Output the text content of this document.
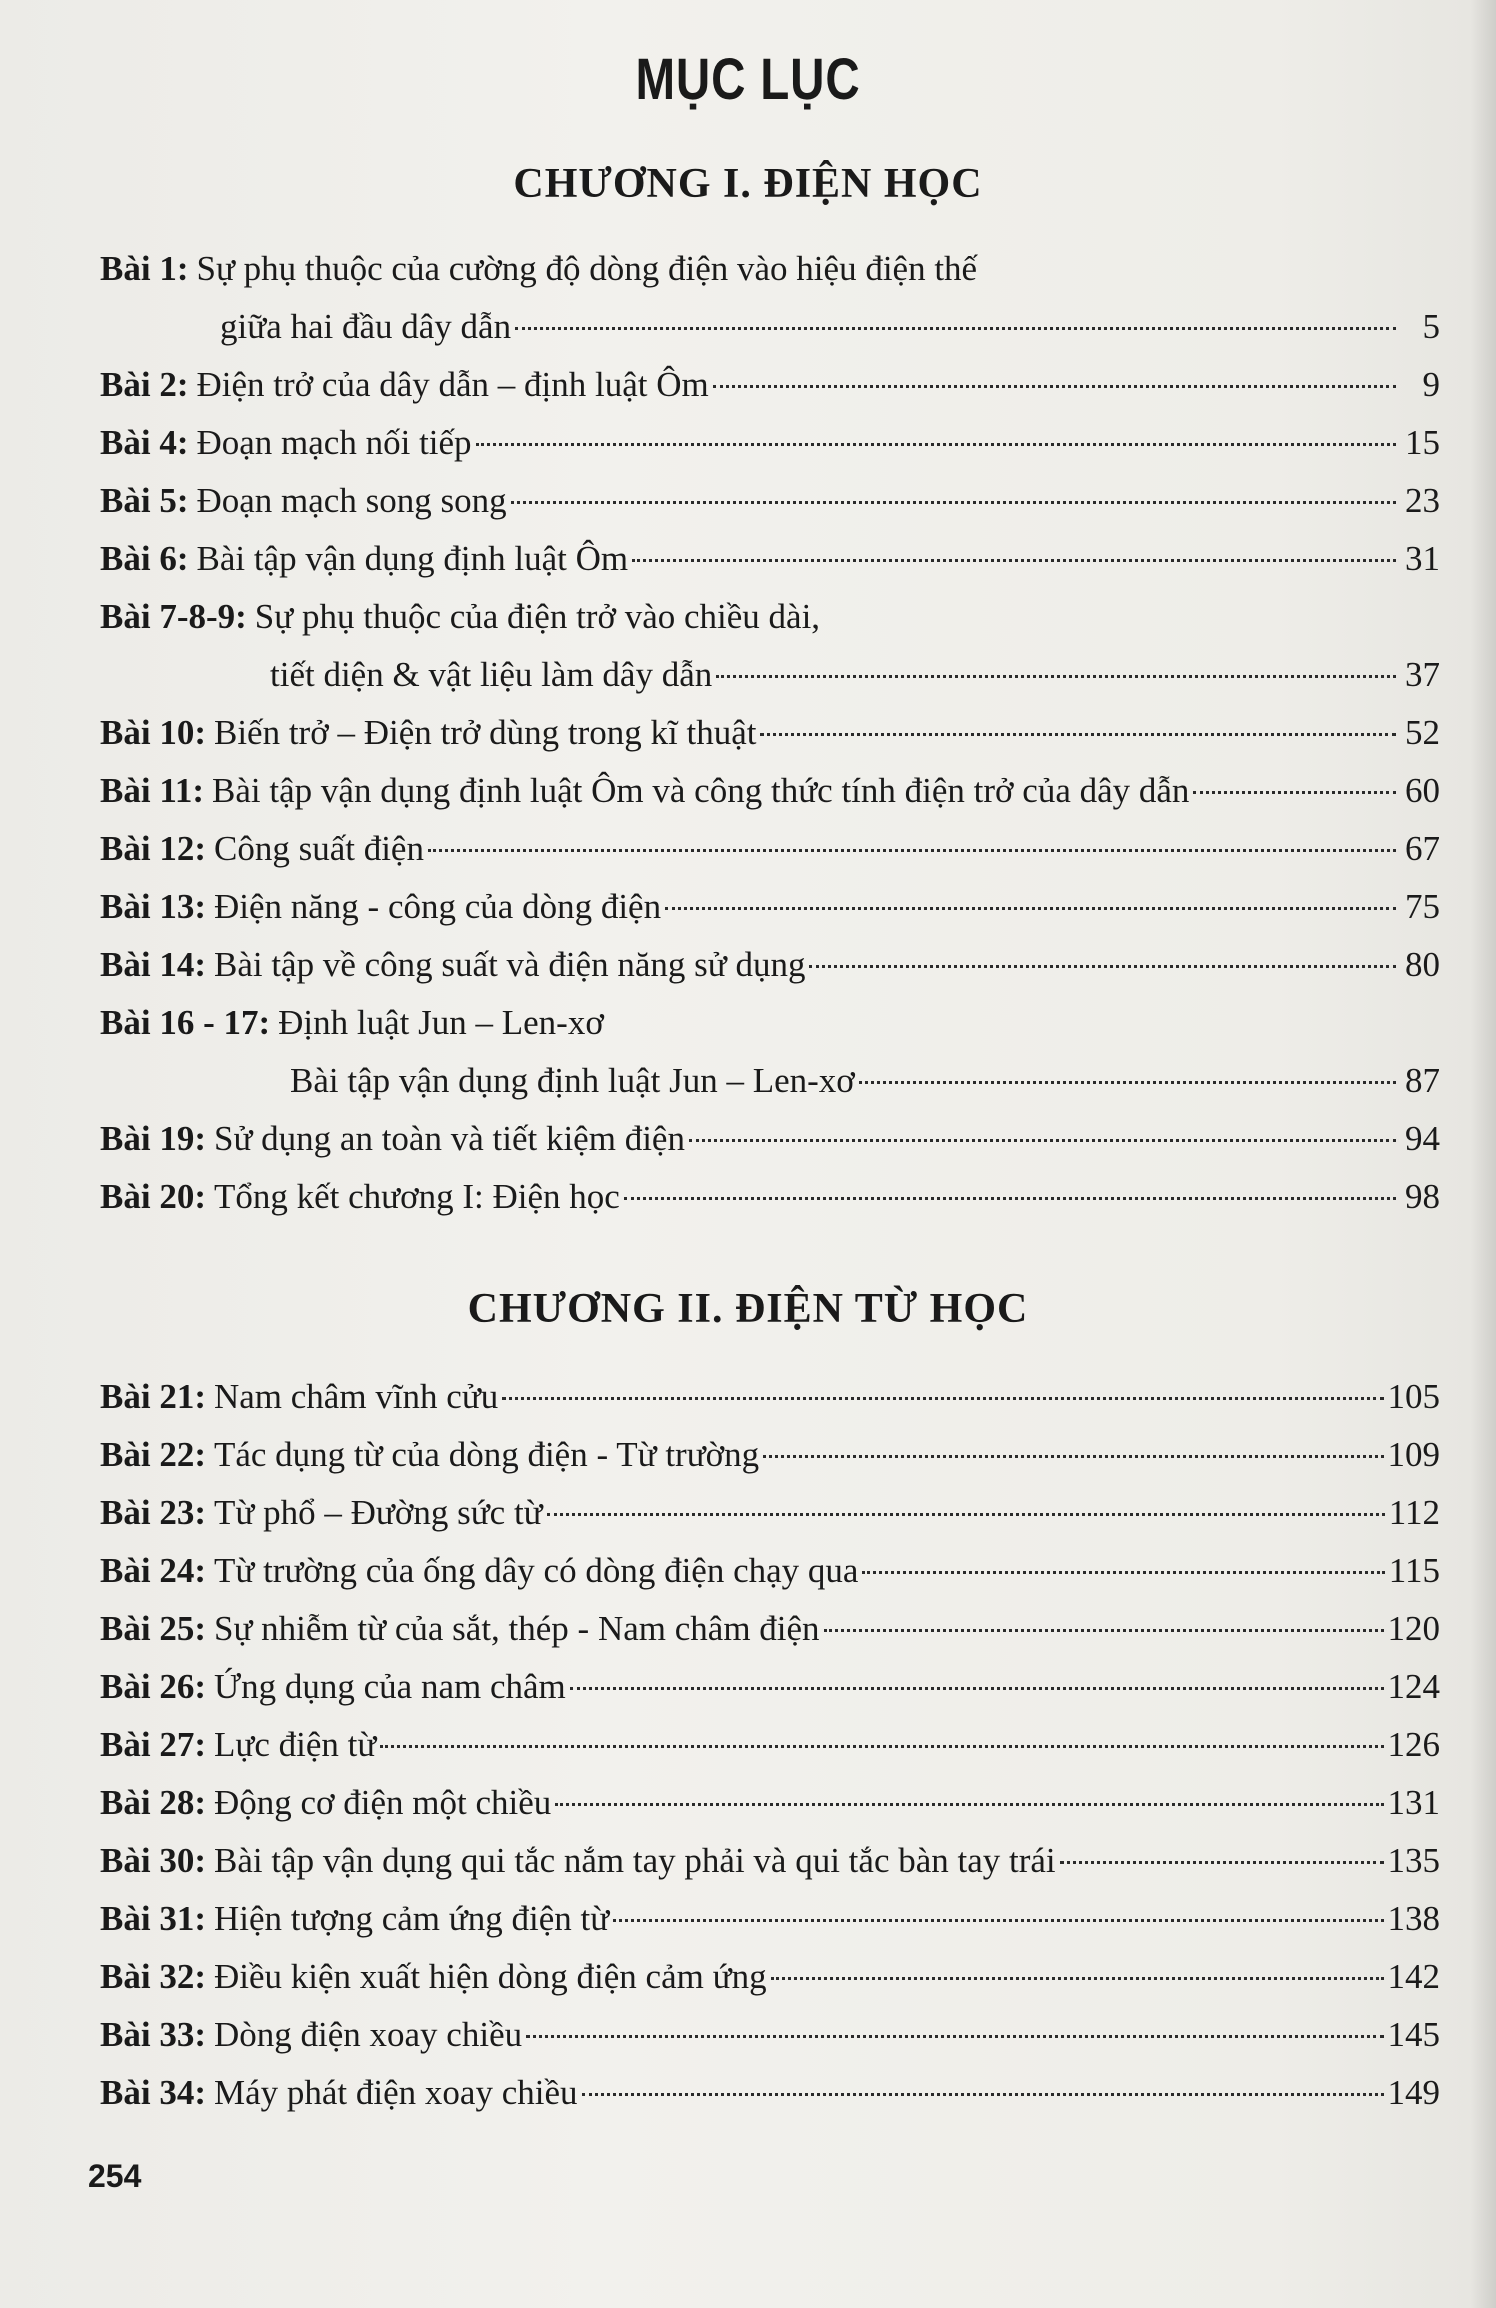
MỤC LỤC
CHƯƠNG I. ĐIỆN HỌC
Bài 1: Sự phụ thuộc của cường độ dòng điện vào hiệu điện thế
giữa hai đầu dây dẫn	5
Bài 2: Điện trở của dây dẫn – định luật Ôm	9
Bài 4: Đoạn mạch nối tiếp	15
Bài 5: Đoạn mạch song song	23
Bài 6: Bài tập vận dụng định luật Ôm	31
Bài 7-8-9: Sự phụ thuộc của điện trở vào chiều dài,
tiết diện & vật liệu làm dây dẫn	37
Bài 10: Biến trở – Điện trở dùng trong kĩ thuật	52
Bài 11: Bài tập vận dụng định luật Ôm và công thức tính điện trở của dây dẫn	60
Bài 12: Công suất điện	67
Bài 13: Điện năng - công của dòng điện	75
Bài 14: Bài tập về công suất và điện năng sử dụng	80
Bài 16 - 17: Định luật Jun – Len-xơ
Bài tập vận dụng định luật Jun – Len-xơ	87
Bài 19: Sử dụng an toàn và tiết kiệm điện	94
Bài 20: Tổng kết chương I: Điện học	98
CHƯƠNG II. ĐIỆN TỪ HỌC
Bài 21: Nam châm vĩnh cửu	105
Bài 22: Tác dụng từ của dòng điện - Từ trường	109
Bài 23: Từ phổ – Đường sức từ	112
Bài 24: Từ trường của ống dây có dòng điện chạy qua	115
Bài 25: Sự nhiễm từ của sắt, thép - Nam châm điện	120
Bài 26: Ứng dụng của nam châm	124
Bài 27: Lực điện từ	126
Bài 28: Động cơ điện một chiều	131
Bài 30: Bài tập vận dụng qui tắc nắm tay phải và qui tắc bàn tay trái	135
Bài 31: Hiện tượng cảm ứng điện từ	138
Bài 32: Điều kiện xuất hiện dòng điện cảm ứng	142
Bài 33: Dòng điện xoay chiều	145
Bài 34: Máy phát điện xoay chiều	149
254
